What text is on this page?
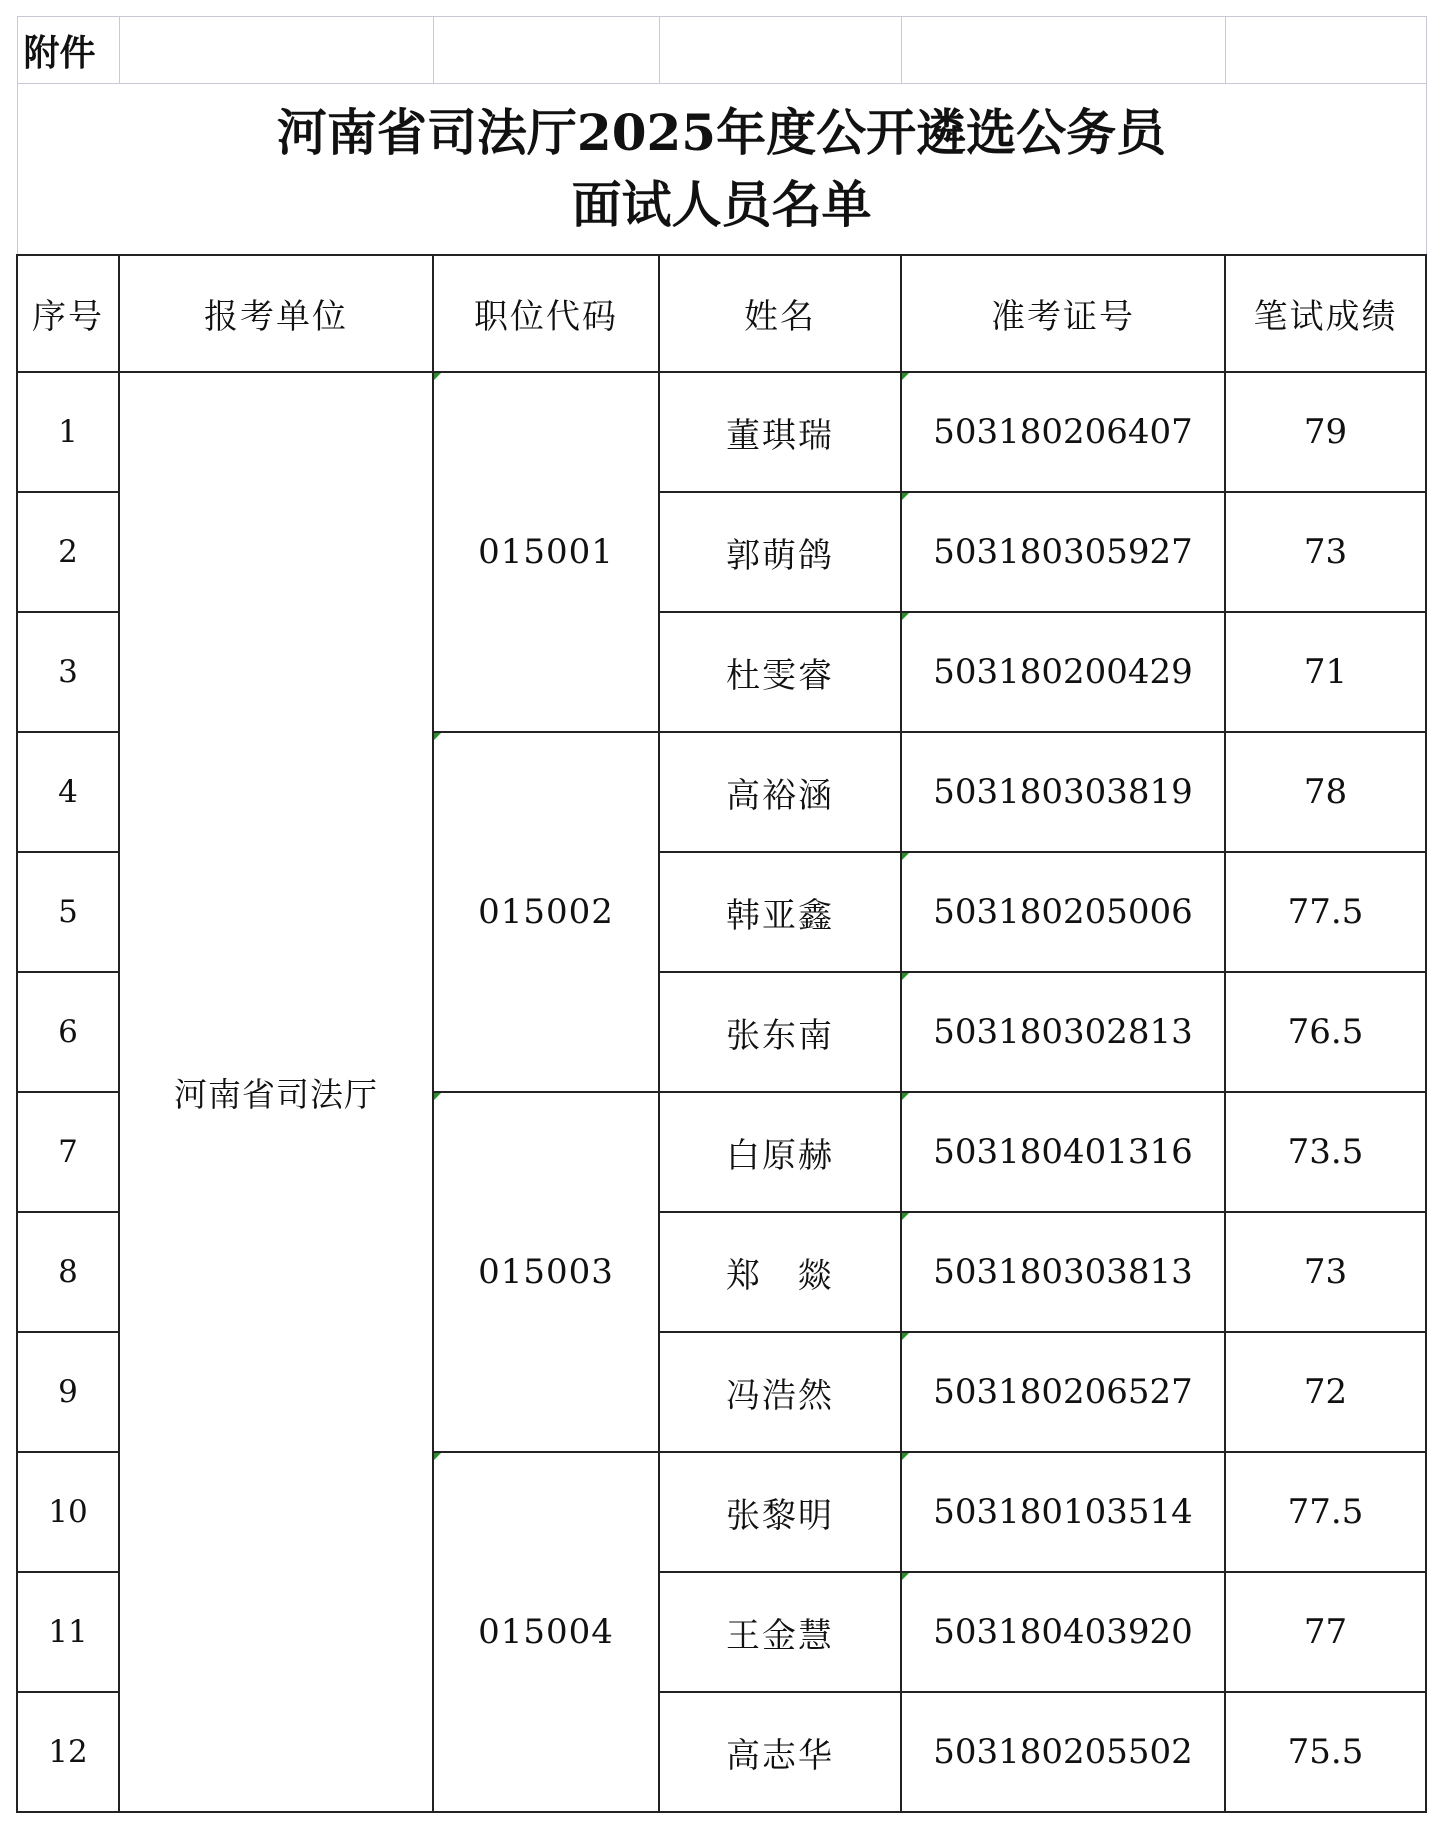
附件					

河南省司法厅2025年度公开遴选公务员
面试人员名单					

序号	报考单位	职位代码	姓名	准考证号	笔试成绩
1	河南省司法厅	015001	董琪瑞	503180206407	79
2			郭萌鸽	503180305927	73
3			杜雯睿	503180200429	71
4		015002	高裕涵	503180303819	78
5			韩亚鑫	503180205006	77.5
6			张东南	503180302813	76.5
7		015003	白原赫	503180401316	73.5
8			郑　燚	503180303813	73
9			冯浩然	503180206527	72
10		015004	张黎明	503180103514	77.5
11			王金慧	503180403920	77
12			高志华	503180205502	75.5
